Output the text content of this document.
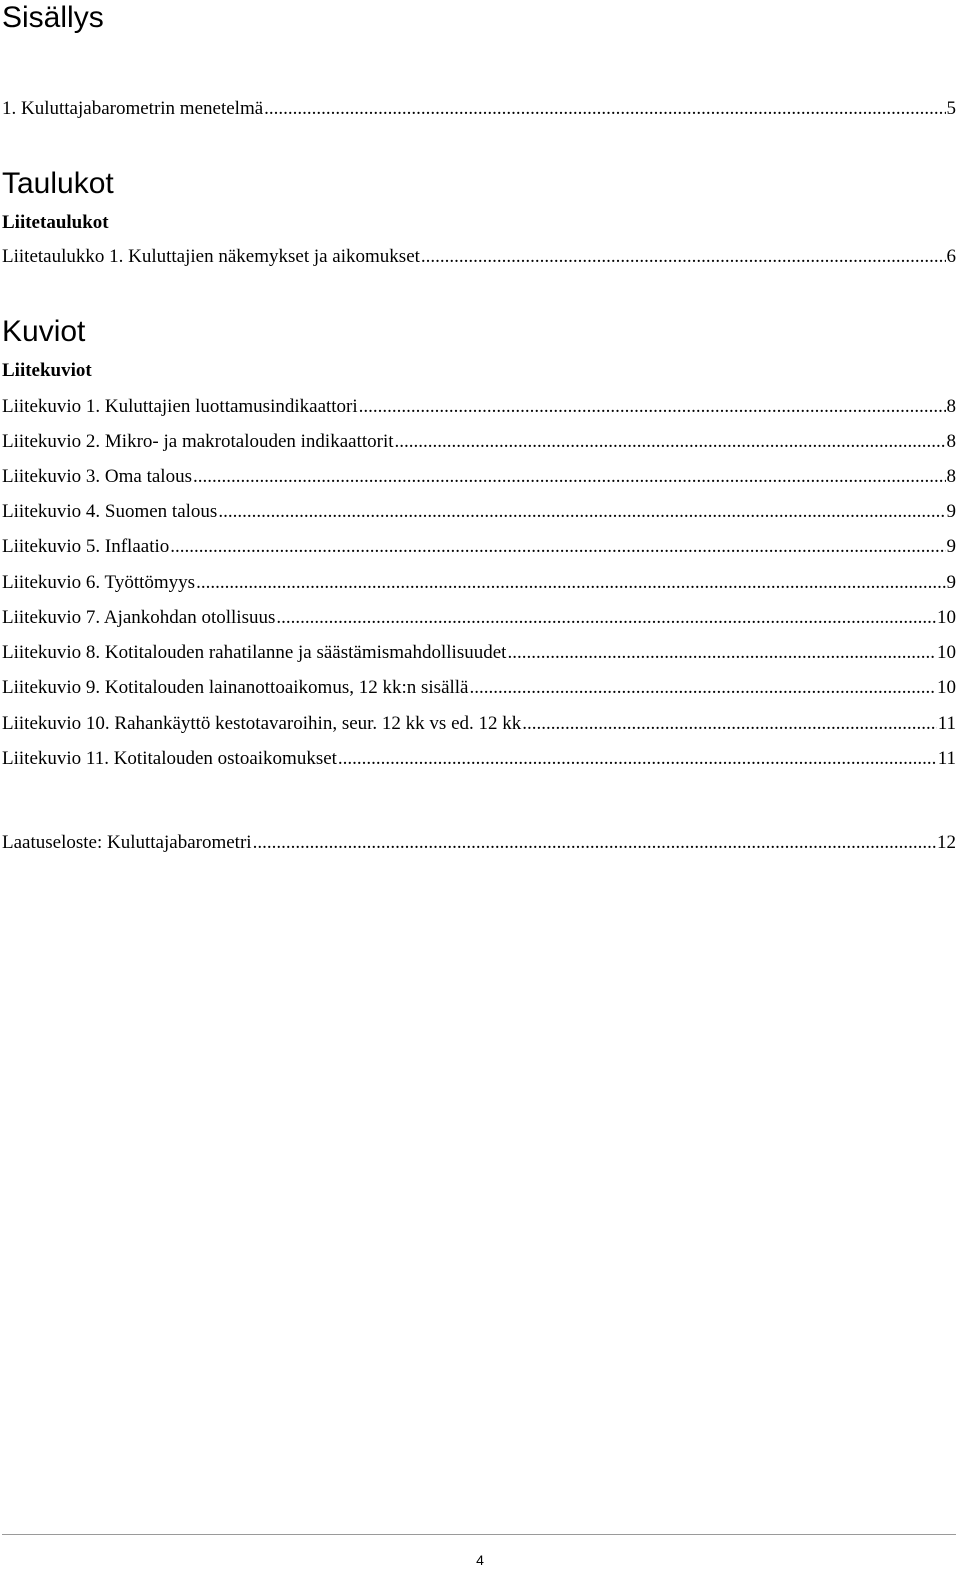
Sisällys
1. Kuluttajabarometrin menetelmä .....	5
Taulukot
Liitetaulukot
Liitetaulukko 1. Kuluttajien näkemykset ja aikomukset .....	6
Kuviot
Liitekuviot
Liitekuvio 1. Kuluttajien luottamusindikaattori .....	8
Liitekuvio 2. Mikro- ja makrotalouden indikaattorit .....	8
Liitekuvio 3. Oma talous .....	8
Liitekuvio 4. Suomen talous .....	9
Liitekuvio 5. Inflaatio .....	9
Liitekuvio 6. Työttömyys .....	9
Liitekuvio 7. Ajankohdan otollisuus .....	10
Liitekuvio 8. Kotitalouden rahatilanne ja säästämismahdollisuudet .....	10
Liitekuvio 9. Kotitalouden lainanottoaikomus, 12 kk:n sisällä .....	10
Liitekuvio 10. Rahankäyttö kestotavaroihin, seur. 12 kk vs ed. 12 kk .....	11
Liitekuvio 11. Kotitalouden ostoaikomukset .....	11
Laatuseloste: Kuluttajabarometri .....	12
4
